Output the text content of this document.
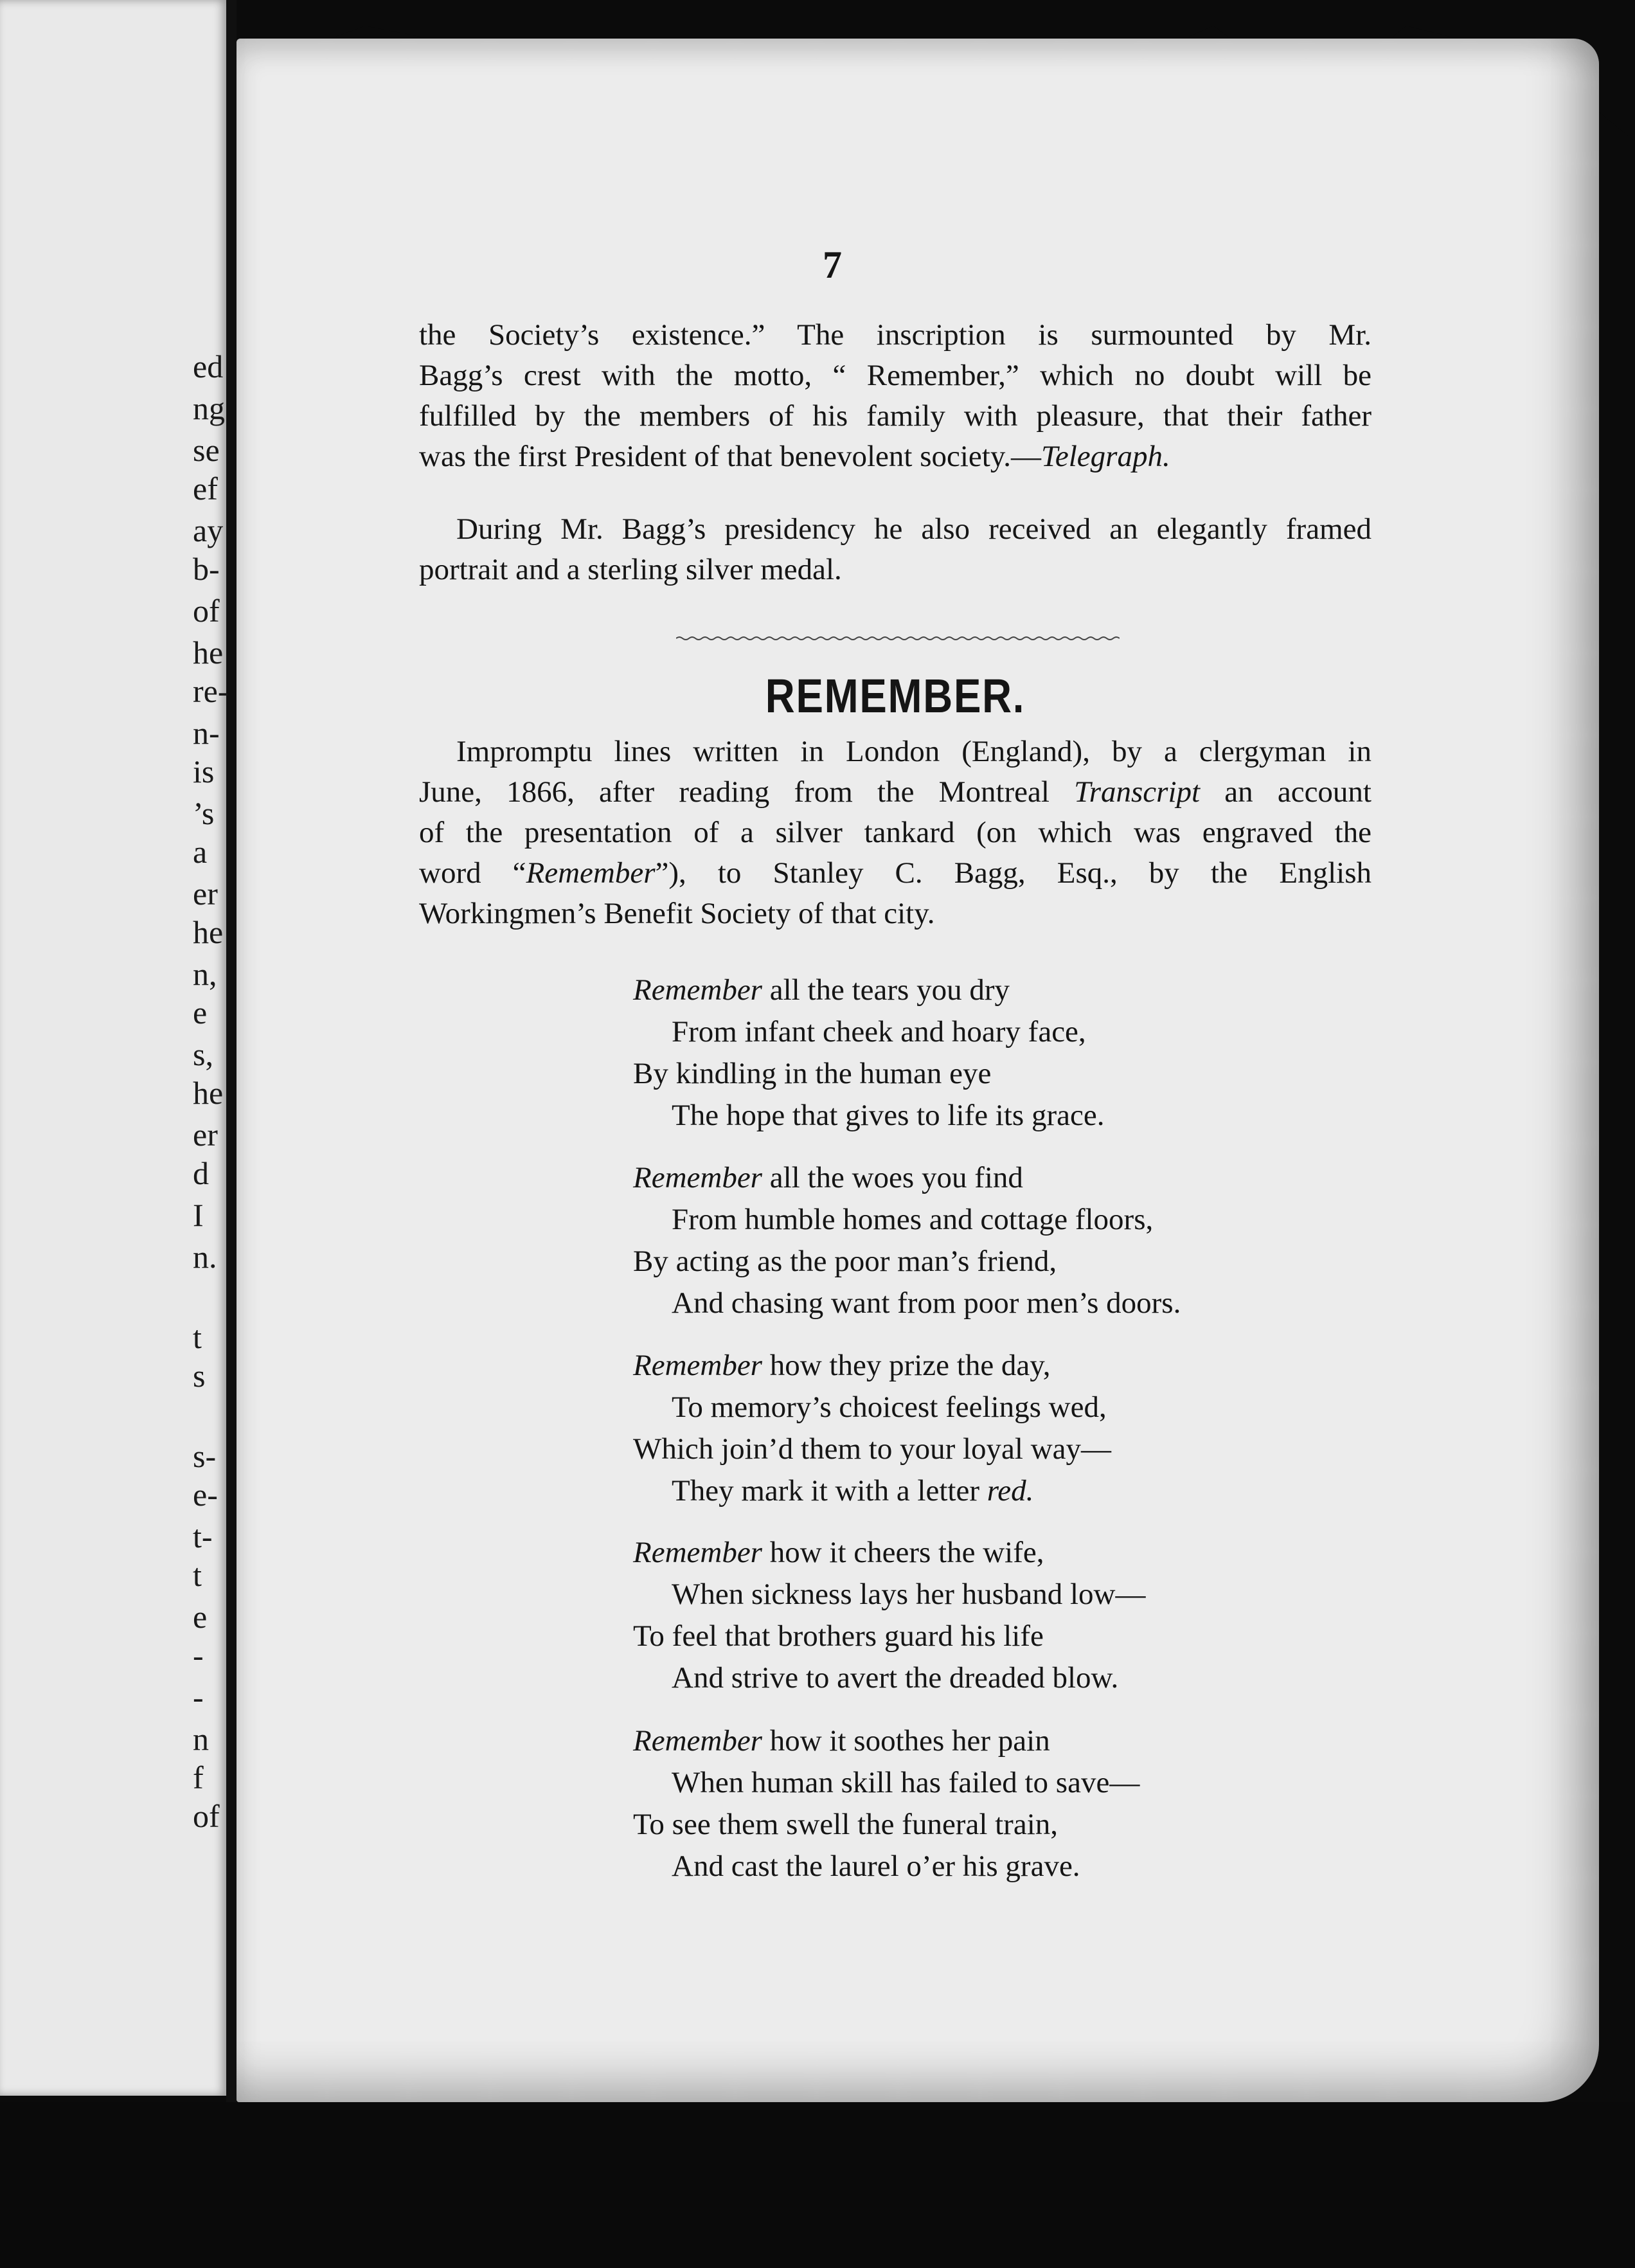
ed
ng
se
ef
ay
b-
of
he
re-
n-
is
’s
a
er
he
n,
e
s,
he
er
d
I
n.
t
s
s-
e-
t-
t
e
-
-
n
f
of
7
the Society’s existence.” The inscription is surmounted by Mr.
Bagg’s crest with the motto, “ Remember,” which no doubt will be
fulfilled by the members of his family with pleasure, that their father
was the first President of that benevolent society.—Telegraph.
During Mr. Bagg’s presidency he also received an elegantly framed
portrait and a sterling silver medal.
REMEMBER.
Impromptu lines written in London (England), by a clergyman in
June, 1866, after reading from the Montreal Transcript an account
of the presentation of a silver tankard (on which was engraved the
word “Remember”), to Stanley C. Bagg, Esq., by the English
Workingmen’s Benefit Society of that city.
Remember all the tears you dry
From infant cheek and hoary face,
By kindling in the human eye
The hope that gives to life its grace.
Remember all the woes you find
From humble homes and cottage floors,
By acting as the poor man’s friend,
And chasing want from poor men’s doors.
Remember how they prize the day,
To memory’s choicest feelings wed,
Which join’d them to your loyal way—
They mark it with a letter red.
Remember how it cheers the wife,
When sickness lays her husband low—
To feel that brothers guard his life
And strive to avert the dreaded blow.
Remember how it soothes her pain
When human skill has failed to save—
To see them swell the funeral train,
And cast the laurel o’er his grave.
